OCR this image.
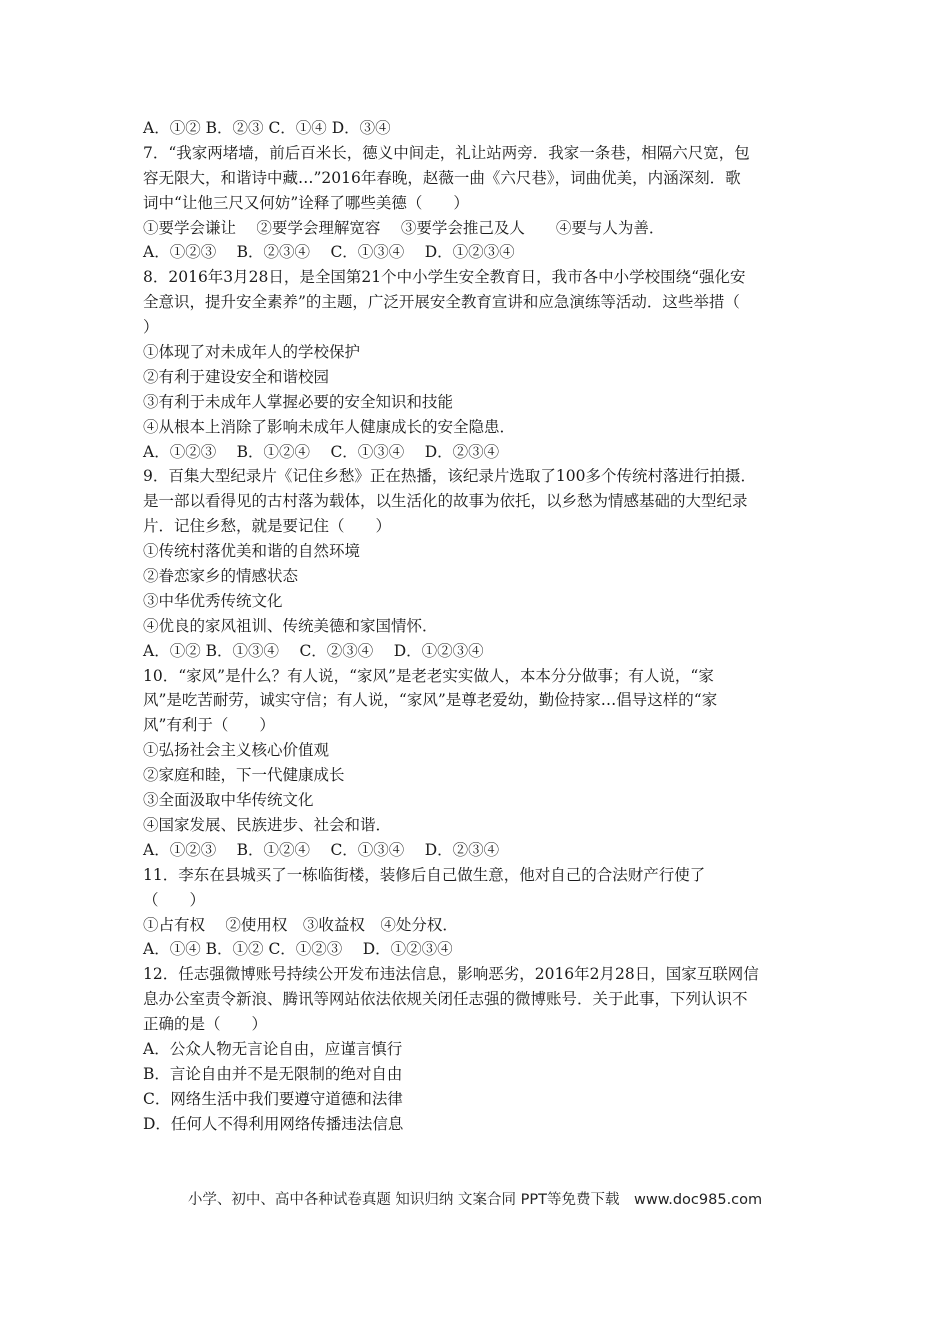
A．①② B．②③ C．①④ D．③④
7．“我家两堵墙，前后百米长，德义中间走，礼让站两旁．我家一条巷，相隔六尺宽，包
容无限大，和谐诗中藏…”2016年春晚，赵薇一曲《六尺巷》，词曲优美，内涵深刻．歌
词中“让他三尺又何妨”诠释了哪些美德（　　）
①要学会谦让　 ②要学会理解宽容　 ③要学会推己及人　　④要与人为善．
A．①②③　 B．②③④　 C．①③④　 D．①②③④
8．2016年3月28日，是全国第21个中小学生安全教育日，我市各中小学校围绕“强化安
全意识，提升安全素养”的主题，广泛开展安全教育宣讲和应急演练等活动．这些举措（
）
①体现了对未成年人的学校保护
②有利于建设安全和谐校园
③有利于未成年人掌握必要的安全知识和技能
④从根本上消除了影响未成年人健康成长的安全隐患．
A．①②③　 B．①②④　 C．①③④　 D．②③④
9．百集大型纪录片《记住乡愁》正在热播，该纪录片选取了100多个传统村落进行拍摄．
是一部以看得见的古村落为载体，以生活化的故事为依托，以乡愁为情感基础的大型纪录
片．记住乡愁，就是要记住（　　）
①传统村落优美和谐的自然环境
②眷恋家乡的情感状态
③中华优秀传统文化
④优良的家风祖训、传统美德和家国情怀．
A．①② B．①③④　 C．②③④　 D．①②③④
10．“家风”是什么？有人说，“家风”是老老实实做人，本本分分做事；有人说，“家
风”是吃苦耐劳，诚实守信；有人说，“家风”是尊老爱幼，勤俭持家…倡导这样的“家
风”有利于（　　）
①弘扬社会主义核心价值观
②家庭和睦，下一代健康成长
③全面汲取中华传统文化
④国家发展、民族进步、社会和谐．
A．①②③　 B．①②④　 C．①③④　 D．②③④
11．李东在县城买了一栋临街楼，装修后自己做生意，他对自己的合法财产行使了
（　　）
①占有权　 ②使用权　③收益权　④处分权．
A．①④ B．①② C．①②③　 D．①②③④
12．任志强微博账号持续公开发布违法信息，影响恶劣，2016年2月28日，国家互联网信
息办公室责令新浪、腾讯等网站依法依规关闭任志强的微博账号．关于此事，下列认识不
正确的是（　　）
A．公众人物无言论自由，应谨言慎行
B．言论自由并不是无限制的绝对自由
C．网络生活中我们要遵守道德和法律
D．任何人不得利用网络传播违法信息
小学、初中、高中各种试卷真题 知识归纳 文案合同 PPT等免费下载　www.doc985.com
